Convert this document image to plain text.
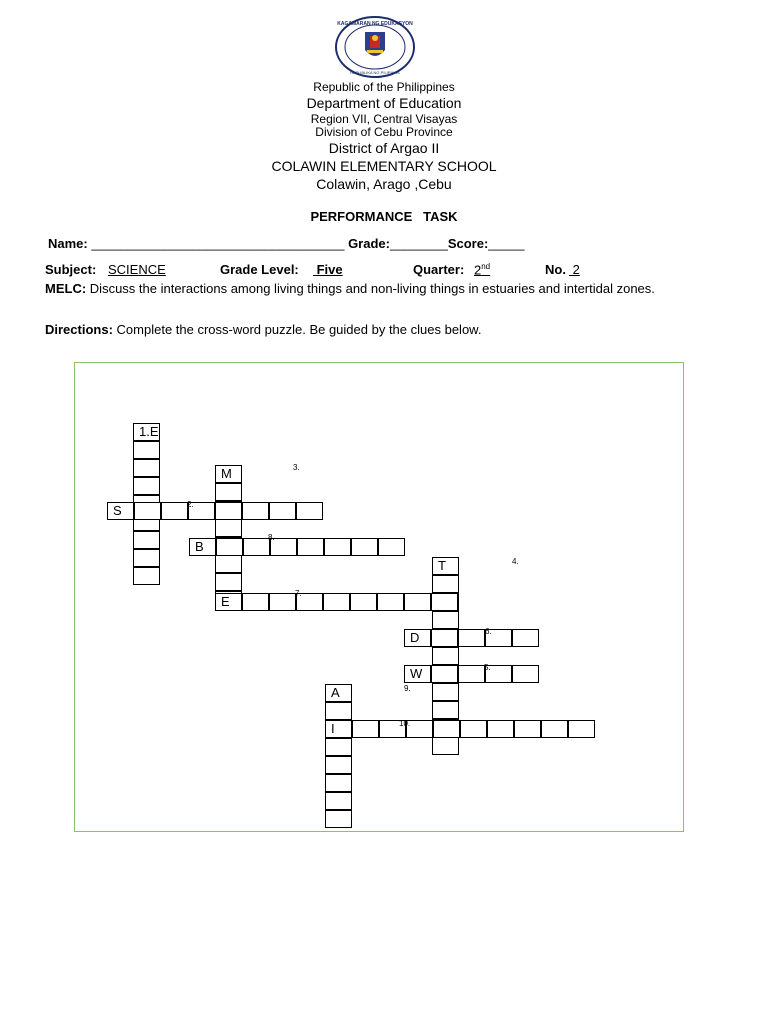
KAGAWARAN NG EDUKASYON
REPUBLIKA NG PILIPINAS
Republic of the Philippines
Department of Education
Region VII, Central Visayas
Division of Cebu Province
District of Argao II
COLAWIN ELEMENTARY SCHOOL
Colawin, Arago ,Cebu
PERFORMANCE   TASK
Name: ___________________________________ Grade:________Score:_____
Subject: SCIENCE	Grade Level: Five	Quarter: 2nd	No. 2
MELC: Discuss the interactions among living things and non-living things in estuaries and intertidal zones.
Directions: Complete the cross-word puzzle. Be guided by the clues below.
1.E
M
S
B
T
E
D
W
A
I
3.
2.
8.
4.
7.
6.
5.
9.
10.
